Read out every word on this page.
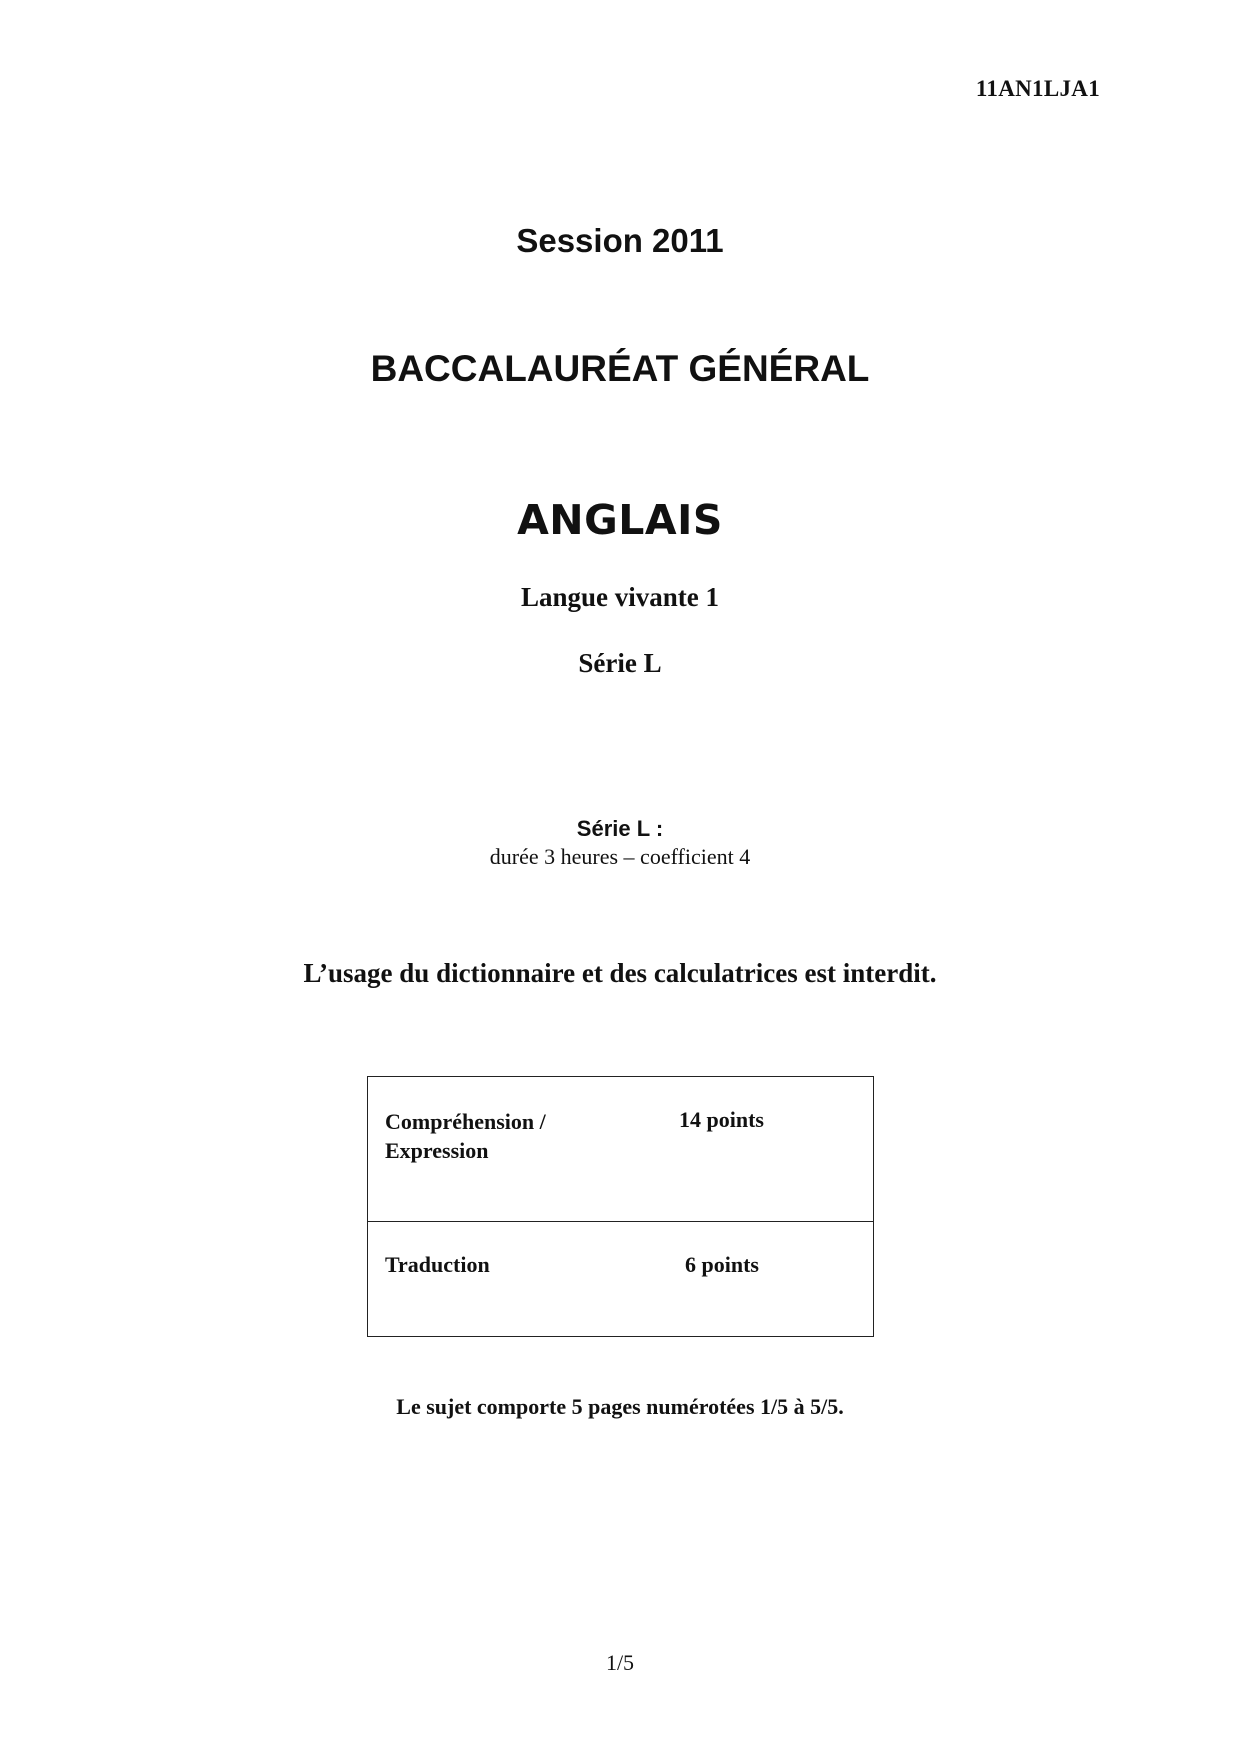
11AN1LJA1
Session 2011
BACCALAURÉAT GÉNÉRAL
ANGLAIS
Langue vivante 1
Série L
Série L :
durée 3 heures – coefficient 4
L’usage du dictionnaire et des calculatrices est interdit.
Compréhension /
Expression	14 points

Traduction	6 points
Le sujet comporte 5 pages numérotées 1/5 à 5/5.
1/5
